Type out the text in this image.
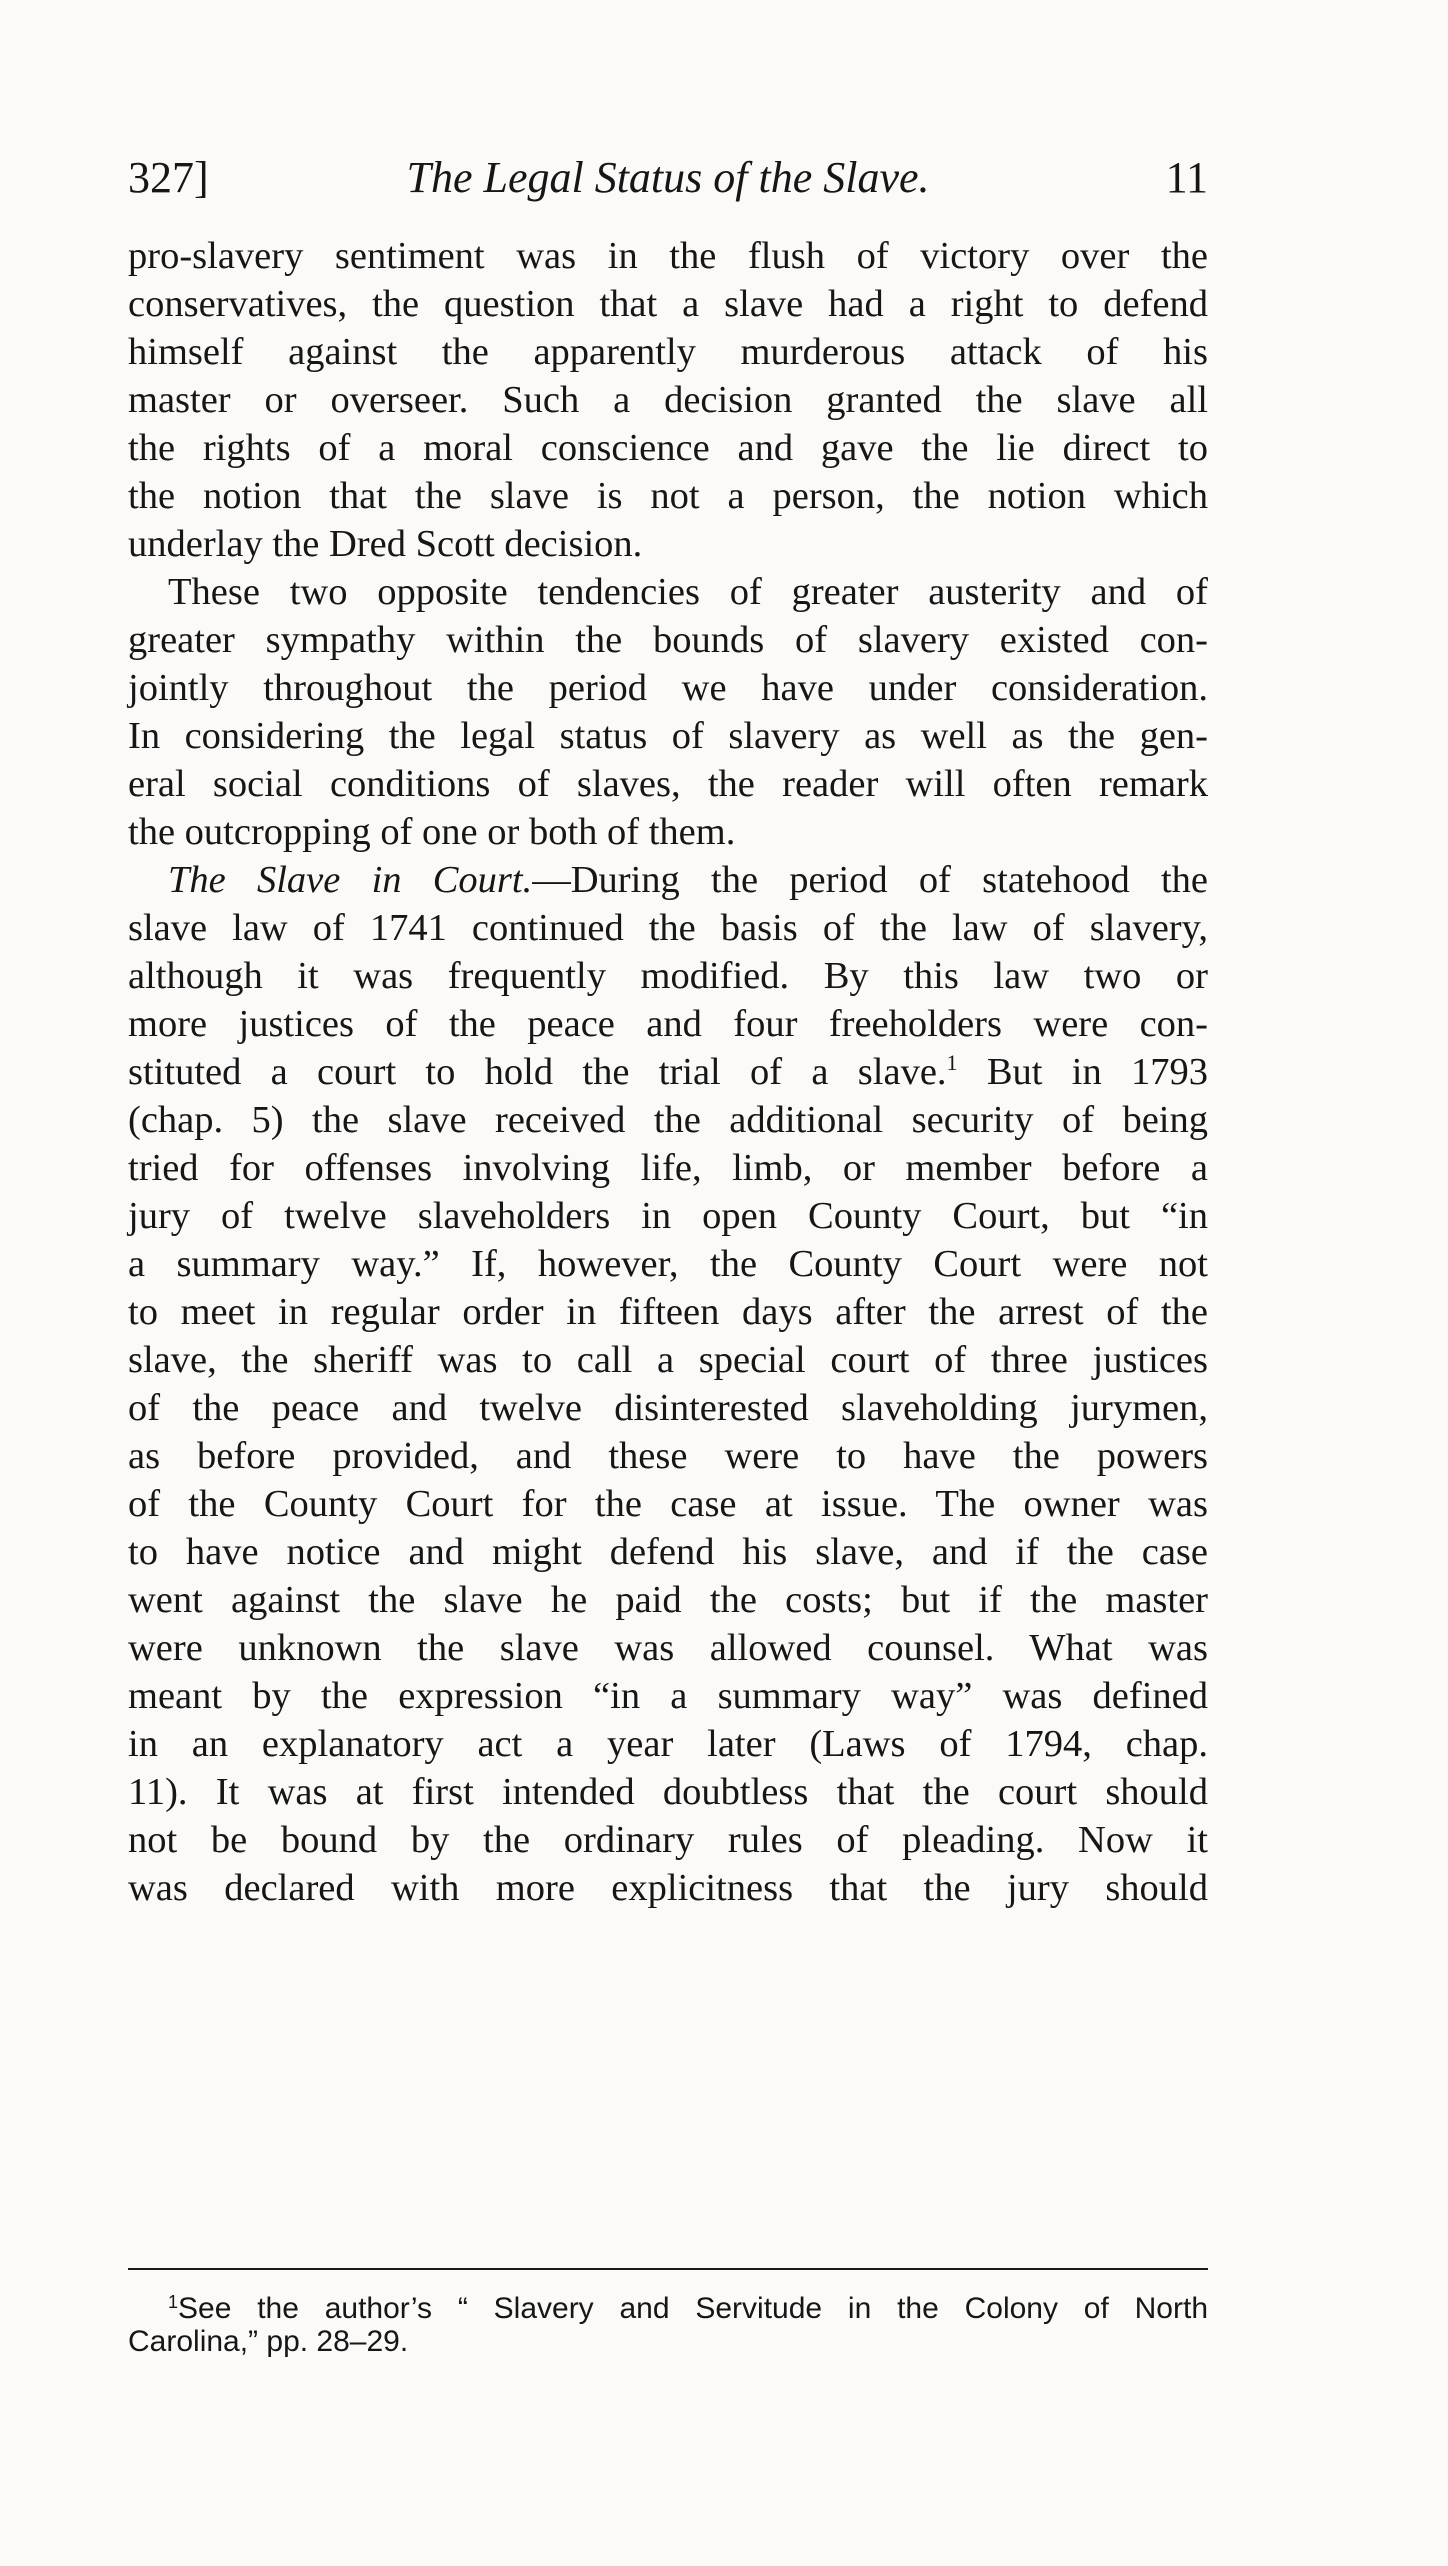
327]	The Legal Status of the Slave.	11
pro-slavery sentiment was in the flush of victory over the
conservatives, the question that a slave had a right to defend
himself against the apparently murderous attack of his
master or overseer. Such a decision granted the slave all
the rights of a moral conscience and gave the lie direct to
the notion that the slave is not a person, the notion which
underlay the Dred Scott decision.
These two opposite tendencies of greater austerity and of
greater sympathy within the bounds of slavery existed con-
jointly throughout the period we have under consideration.
In considering the legal status of slavery as well as the gen-
eral social conditions of slaves, the reader will often remark
the outcropping of one or both of them.
The Slave in Court.—During the period of statehood the
slave law of 1741 continued the basis of the law of slavery,
although it was frequently modified. By this law two or
more justices of the peace and four freeholders were con-
stituted a court to hold the trial of a slave.$^1$ But in 1793
(chap. 5) the slave received the additional security of being
tried for offenses involving life, limb, or member before a
jury of twelve slaveholders in open County Court, but “in
a summary way.” If, however, the County Court were not
to meet in regular order in fifteen days after the arrest of the
slave, the sheriff was to call a special court of three justices
of the peace and twelve disinterested slaveholding jurymen,
as before provided, and these were to have the powers
of the County Court for the case at issue. The owner was
to have notice and might defend his slave, and if the case
went against the slave he paid the costs; but if the master
were unknown the slave was allowed counsel. What was
meant by the expression “in a summary way” was defined
in an explanatory act a year later (Laws of 1794, chap.
11). It was at first intended doubtless that the court should
not be bound by the ordinary rules of pleading. Now it
was declared with more explicitness that the jury should
$^1$See the author’s “ Slavery and Servitude in the Colony of North
Carolina,” pp. 28–29.
